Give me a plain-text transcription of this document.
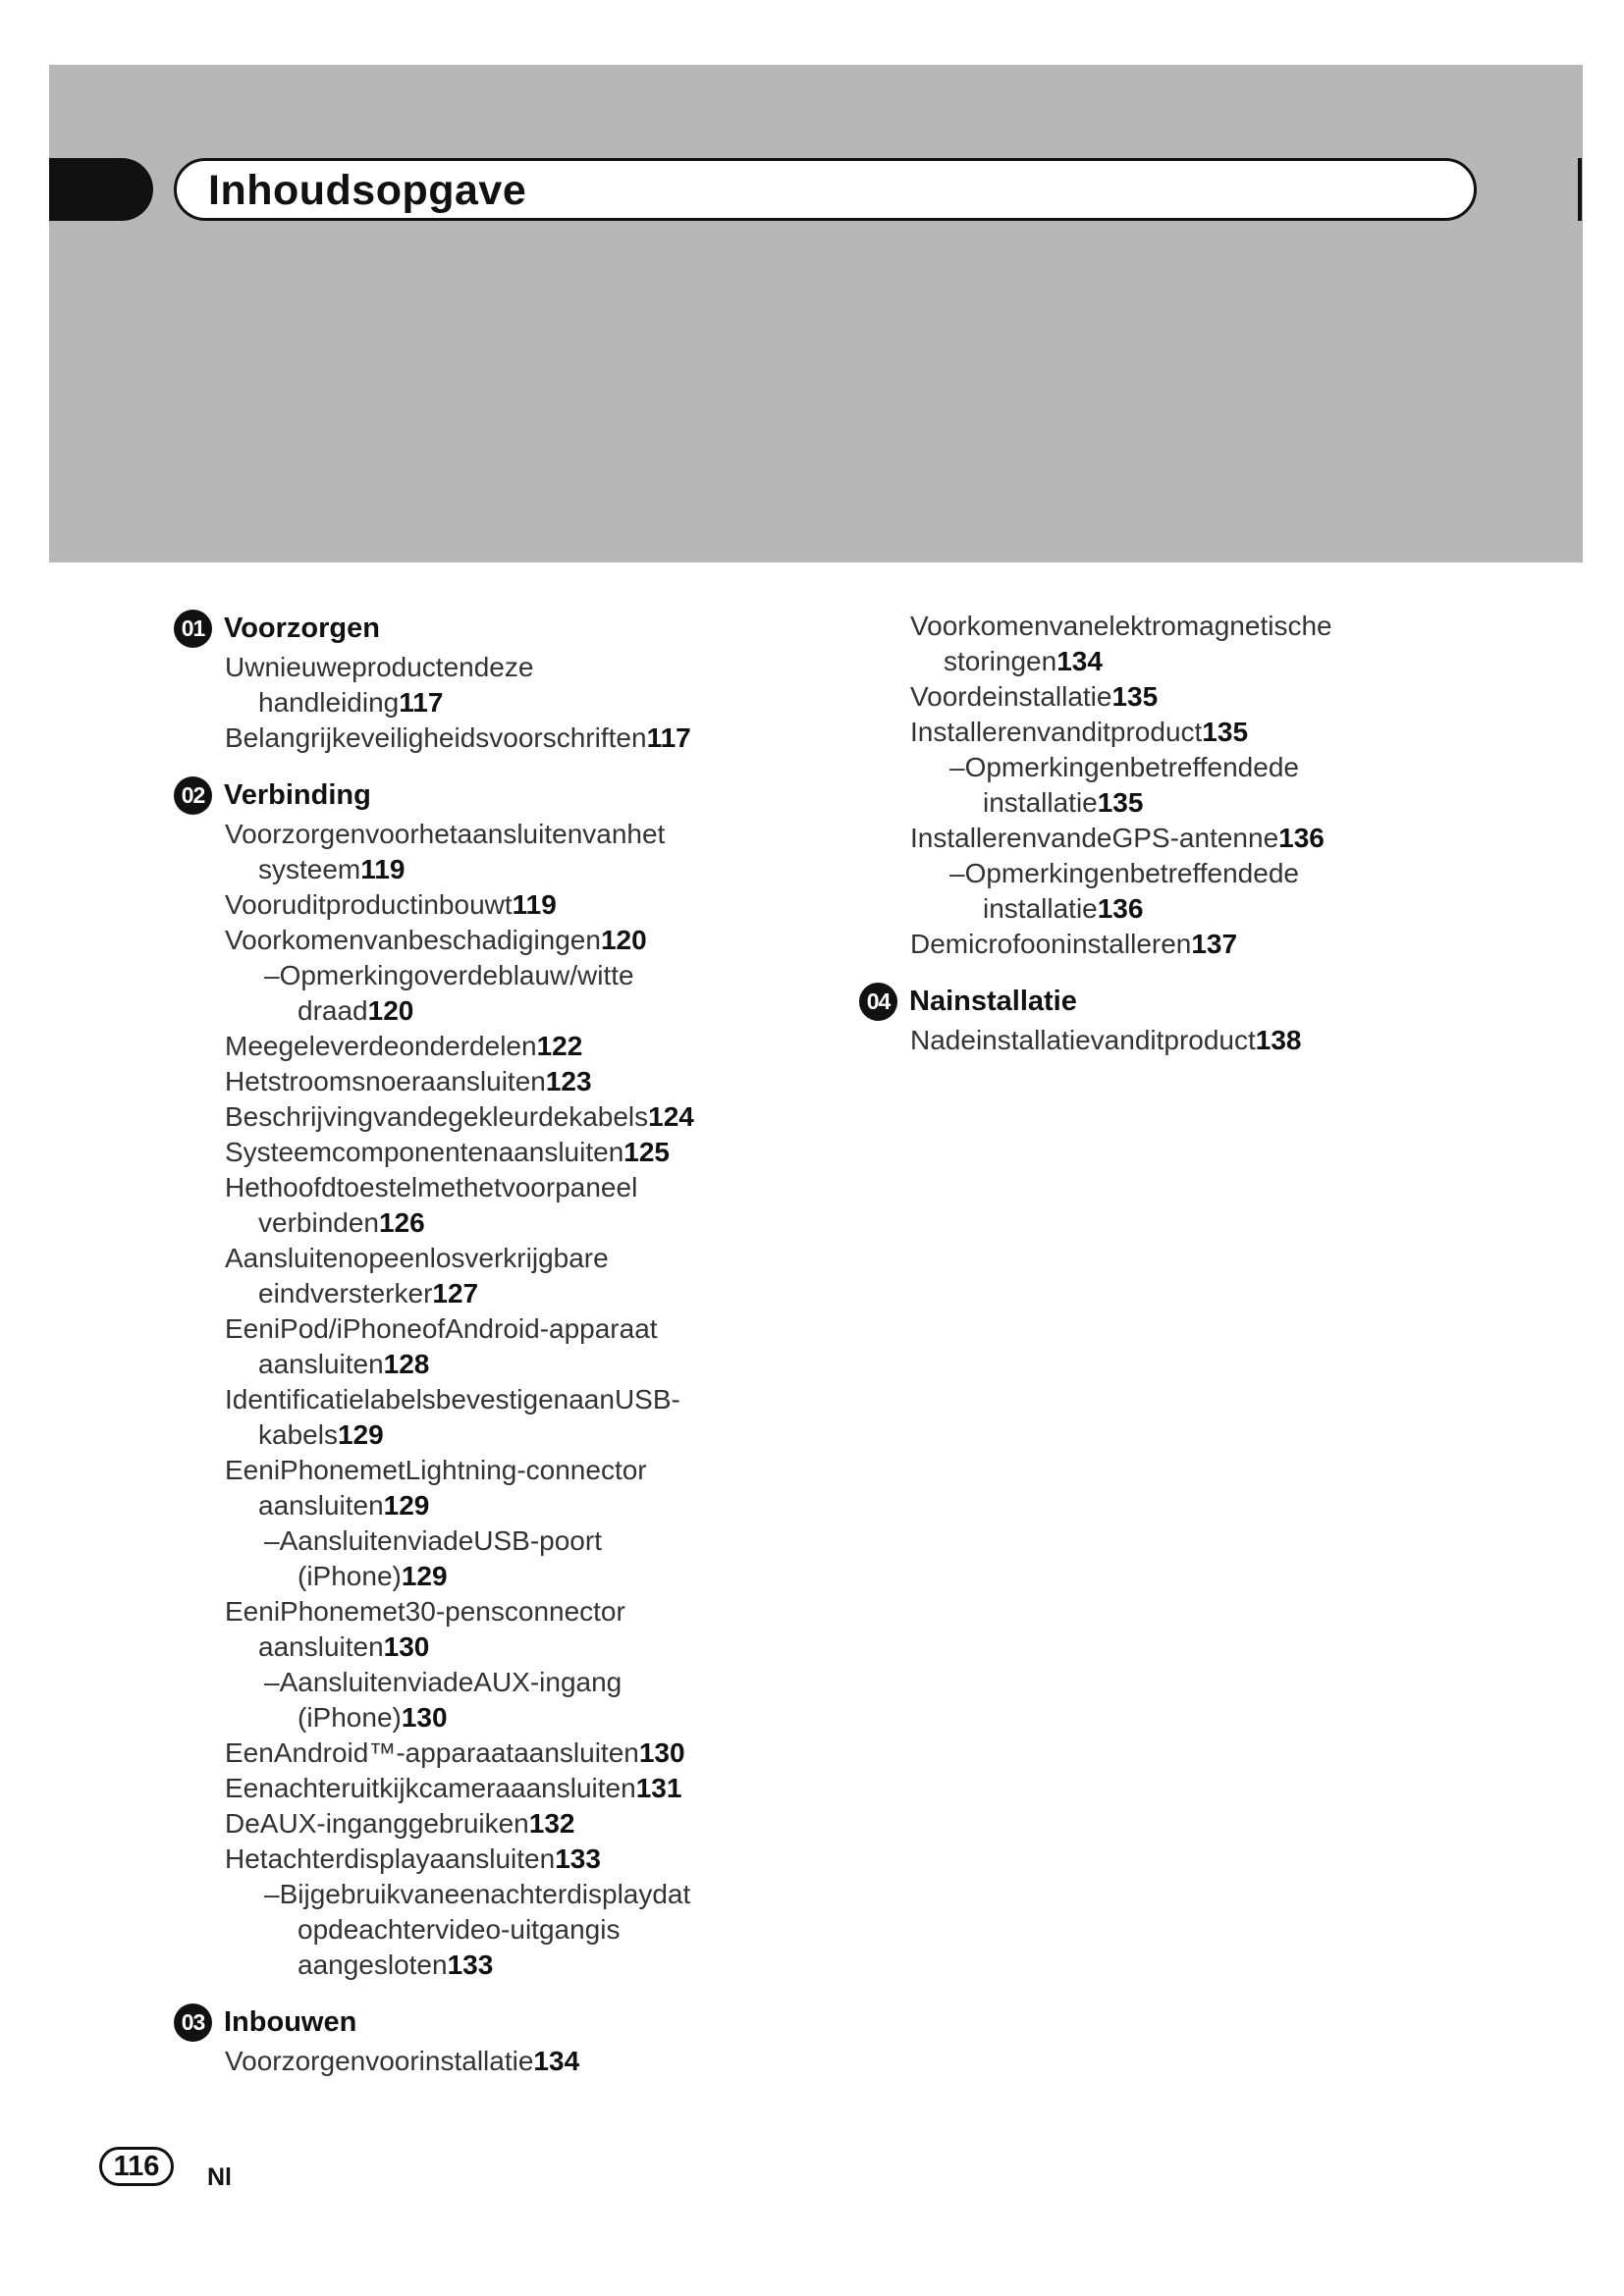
Inhoudsopgave
01 Voorzorgen
Uwnieuweproductendeze
handleiding117
Belangrijkeveiligheidsvoorschriften117
02 Verbinding
Voorzorgenvoorhetaansluitenvanhet
systeem119
Vooruditproductinbouwt119
Voorkomenvanbeschadigingen120
–Opmerkingoverdeblauw/witte
draad120
Meegeleverdeonderdelen122
Hetstroomsnoeraansluiten123
Beschrijvingvandegekleurdekabels124
Systeemcomponentenaansluiten125
Hethoofdtoestelmethetvoorpaneel
verbinden126
Aansluitenopeenlosverkrijgbare
eindversterker127
EeniPod/iPhoneofAndroid-apparaat
aansluiten128
IdentificatielabelsbevestigenaanUSB-
kabels129
EeniPhonemetLightning-connector
aansluiten129
–AansluitenviadeUSB-poort
(iPhone)129
EeniPhonemet30-pensconnector
aansluiten130
–AansluitenviadeAUX-ingang
(iPhone)130
EenAndroid™-apparaataansluiten130
Eenachteruitkijkcameraaansluiten131
DeAUX-inganggebruiken132
Hetachterdisplayaansluiten133
–Bijgebruikvaneenachterdisplaydat
opdeachtervideo-uitgangis
aangesloten133
03 Inbouwen
Voorzorgenvoorinstallatie134
Voorkomenvanelektromagnetische
storingen134
Voordeinstallatie135
Installerenvanditproduct135
–Opmerkingenbetreffendede
installatie135
InstallerenvandeGPS-antenne136
–Opmerkingenbetreffendede
installatie136
Demicrofooninstalleren137
04 Nainstallatie
Nadeinstallatievanditproduct138
116	Nl
